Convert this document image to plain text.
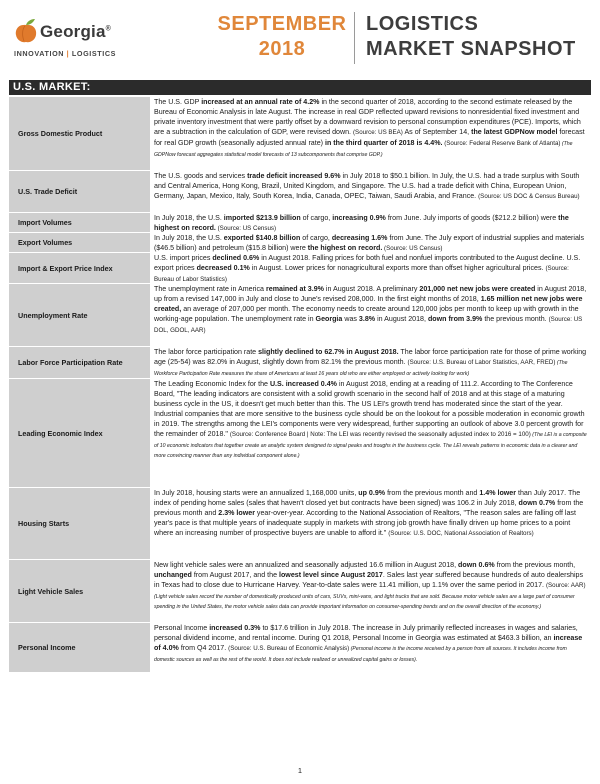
Georgia®
INNOVATION | LOGISTICS
SEPTEMBER
2018
LOGISTICS
MARKET SNAPSHOT
U.S. MARKET:
Gross Domestic Product
The U.S. GDP increased at an annual rate of 4.2% in the second quarter of 2018, according to the second estimate released by the Bureau of Economic Analysis in late August. The increase in real GDP reflected upward revisions to nonresidential fixed investment and private inventory investment that were partly offset by a downward revision to personal consumption expenditures (PCE). Imports, which are a subtraction in the calculation of GDP, were revised down. (Source: US BEA) As of September 14, the latest GDPNow model forecast for real GDP growth (seasonally adjusted annual rate) in the third quarter of 2018 is 4.4%. (Source: Federal Reserve Bank of Atlanta) (The GDPNow forecast aggregates statistical model forecasts of 13 subcomponents that comprise GDP.)
U.S. Trade Deficit
The U.S. goods and services trade deficit increased 9.6% in July 2018 to $50.1 billion. In July, the U.S. had a trade surplus with South and Central America, Hong Kong, Brazil, United Kingdom, and Singapore. The U.S. had a trade deficit with China, European Union, Germany, Japan, Mexico, Italy, South Korea, India, Canada, OPEC, Taiwan, Saudi Arabia, and France. (Source: US DOC & Census Bureau)
Import Volumes	In July 2018, the U.S. imported $213.9 billion of cargo, increasing 0.9% from June. July imports of goods ($212.2 billion) were the highest on record. (Source: US Census)
Export Volumes	In July 2018, the U.S. exported $140.8 billion of cargo, decreasing 1.6% from June. The July export of industrial supplies and materials ($46.5 billion) and petroleum ($15.8 billion) were the highest on record. (Source: US Census)
Import & Export Price Index
U.S. import prices declined 0.6% in August 2018. Falling prices for both fuel and nonfuel imports contributed to the August decline. U.S. export prices decreased 0.1% in August. Lower prices for nonagricultural exports more than offset higher agricultural prices. (Source: Bureau of Labor Statistics)
Unemployment Rate
The unemployment rate in America remained at 3.9% in August 2018. A preliminary 201,000 net new jobs were created in August 2018, up from a revised 147,000 in July and close to June's revised 208,000. In the first eight months of 2018, 1.65 million net new jobs were created, an average of 207,000 per month. The economy needs to create around 120,000 jobs per month to keep up with growth in the working-age population. The unemployment rate in Georgia was 3.8% in August 2018, down from 3.9% the previous month. (Source: US DOL, GDOL, AAR)
Labor Force Participation Rate
The labor force participation rate slightly declined to 62.7% in August 2018. The labor force participation rate for those of prime working age (25-54) was 82.0% in August, slightly down from 82.1% the previous month. (Source: U.S. Bureau of Labor Statistics, AAR, FRED) (The Workforce Participation Rate measures the share of Americans at least 16 years old who are either employed or actively looking for work)
Leading Economic Index
The Leading Economic Index for the U.S. increased 0.4% in August 2018, ending at a reading of 111.2. According to The Conference Board, "The leading indicators are consistent with a solid growth scenario in the second half of 2018 and at this stage of a maturing business cycle in the US, it doesn't get much better than this. The US LEI's growth trend has moderated since the start of the year. Industrial companies that are more sensitive to the business cycle should be on the lookout for a possible moderation in economic growth in 2019. The strengths among the LEI's components were very widespread, further supporting an outlook of above 3.0 percent growth for the remainder of 2018." (Source: Conference Board | Note: The LEI was recently revised the seasonally adjusted index to 2016 = 100) (The LEI is a composite of 10 economic indicators that together create an analytic system designed to signal peaks and troughs in the business cycle. The LEI reveals patterns in economic data in a clearer and more convincing manner than any individual component alone.)
Housing Starts
In July 2018, housing starts were an annualized 1,168,000 units, up 0.9% from the previous month and 1.4% lower than July 2017. The index of pending home sales (sales that haven't closed yet but contracts have been signed) was 106.2 in July 2018, down 0.7% from the previous month and 2.3% lower year-over-year. According to the National Association of Realtors, "The reason sales are falling off last year's pace is that multiple years of inadequate supply in markets with strong job growth have finally driven up home prices to a point where an increasing number of prospective buyers are unable to afford it." (Source: U.S. DOC, National Association of Realtors)
Light Vehicle Sales
New light vehicle sales were an annualized and seasonally adjusted 16.6 million in August 2018, down 0.6% from the previous month, unchanged from August 2017, and the lowest level since August 2017. Sales last year suffered because hundreds of auto dealerships in Texas had to close due to Hurricane Harvey. Year-to-date sales were 11.41 million, up 1.1% over the same period in 2017. (Source: AAR) (Light vehicle sales record the number of domestically produced units of cars, SUVs, mini-vans, and light trucks that are sold. Because motor vehicle sales are a large part of consumer spending in the United States, the motor vehicle sales data can provide important information on consumer-spending trends and on the overall direction of the economy.)
Personal Income
Personal Income increased 0.3% to $17.6 trillion in July 2018. The increase in July primarily reflected increases in wages and salaries, personal dividend income, and rental income. During Q1 2018, Personal Income in Georgia was estimated at $463.3 billion, an increase of 4.0% from Q4 2017. (Source: U.S. Bureau of Economic Analysis) (Personal income is the income received by a person from all sources. It includes income from domestic sources as well as the rest of the world. It does not include realized or unrealized capital gains or losses).
1
